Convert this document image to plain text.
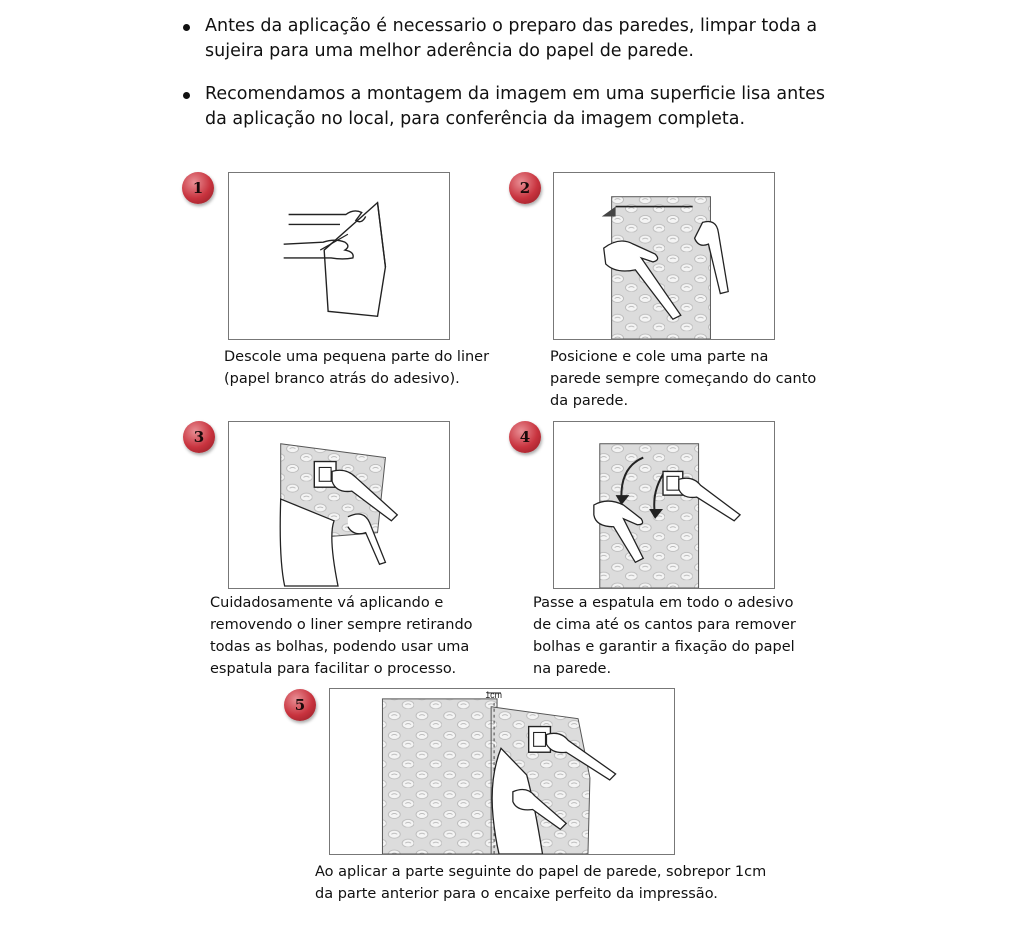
Antes da aplicação é necessario o preparo das paredes, limpar toda a
sujeira para uma melhor aderência do papel de parede.
Recomendamos a montagem da imagem em uma superficie lisa antes
da aplicação no local, para conferência da imagem completa.
1
Descole uma pequena parte do liner
(papel branco atrás do adesivo).
2
Posicione e cole uma parte na
parede sempre começando do canto
da parede.
3
Cuidadosamente vá aplicando e
removendo o liner sempre retirando
todas as bolhas, podendo usar uma
espatula para facilitar o processo.
4
Passe a espatula em todo o adesivo
de cima até os cantos para remover
bolhas e garantir a fixação do papel
na parede.
5
1cm
Ao aplicar a parte seguinte do papel de parede, sobrepor 1cm
da parte anterior para o encaixe perfeito da impressão.
